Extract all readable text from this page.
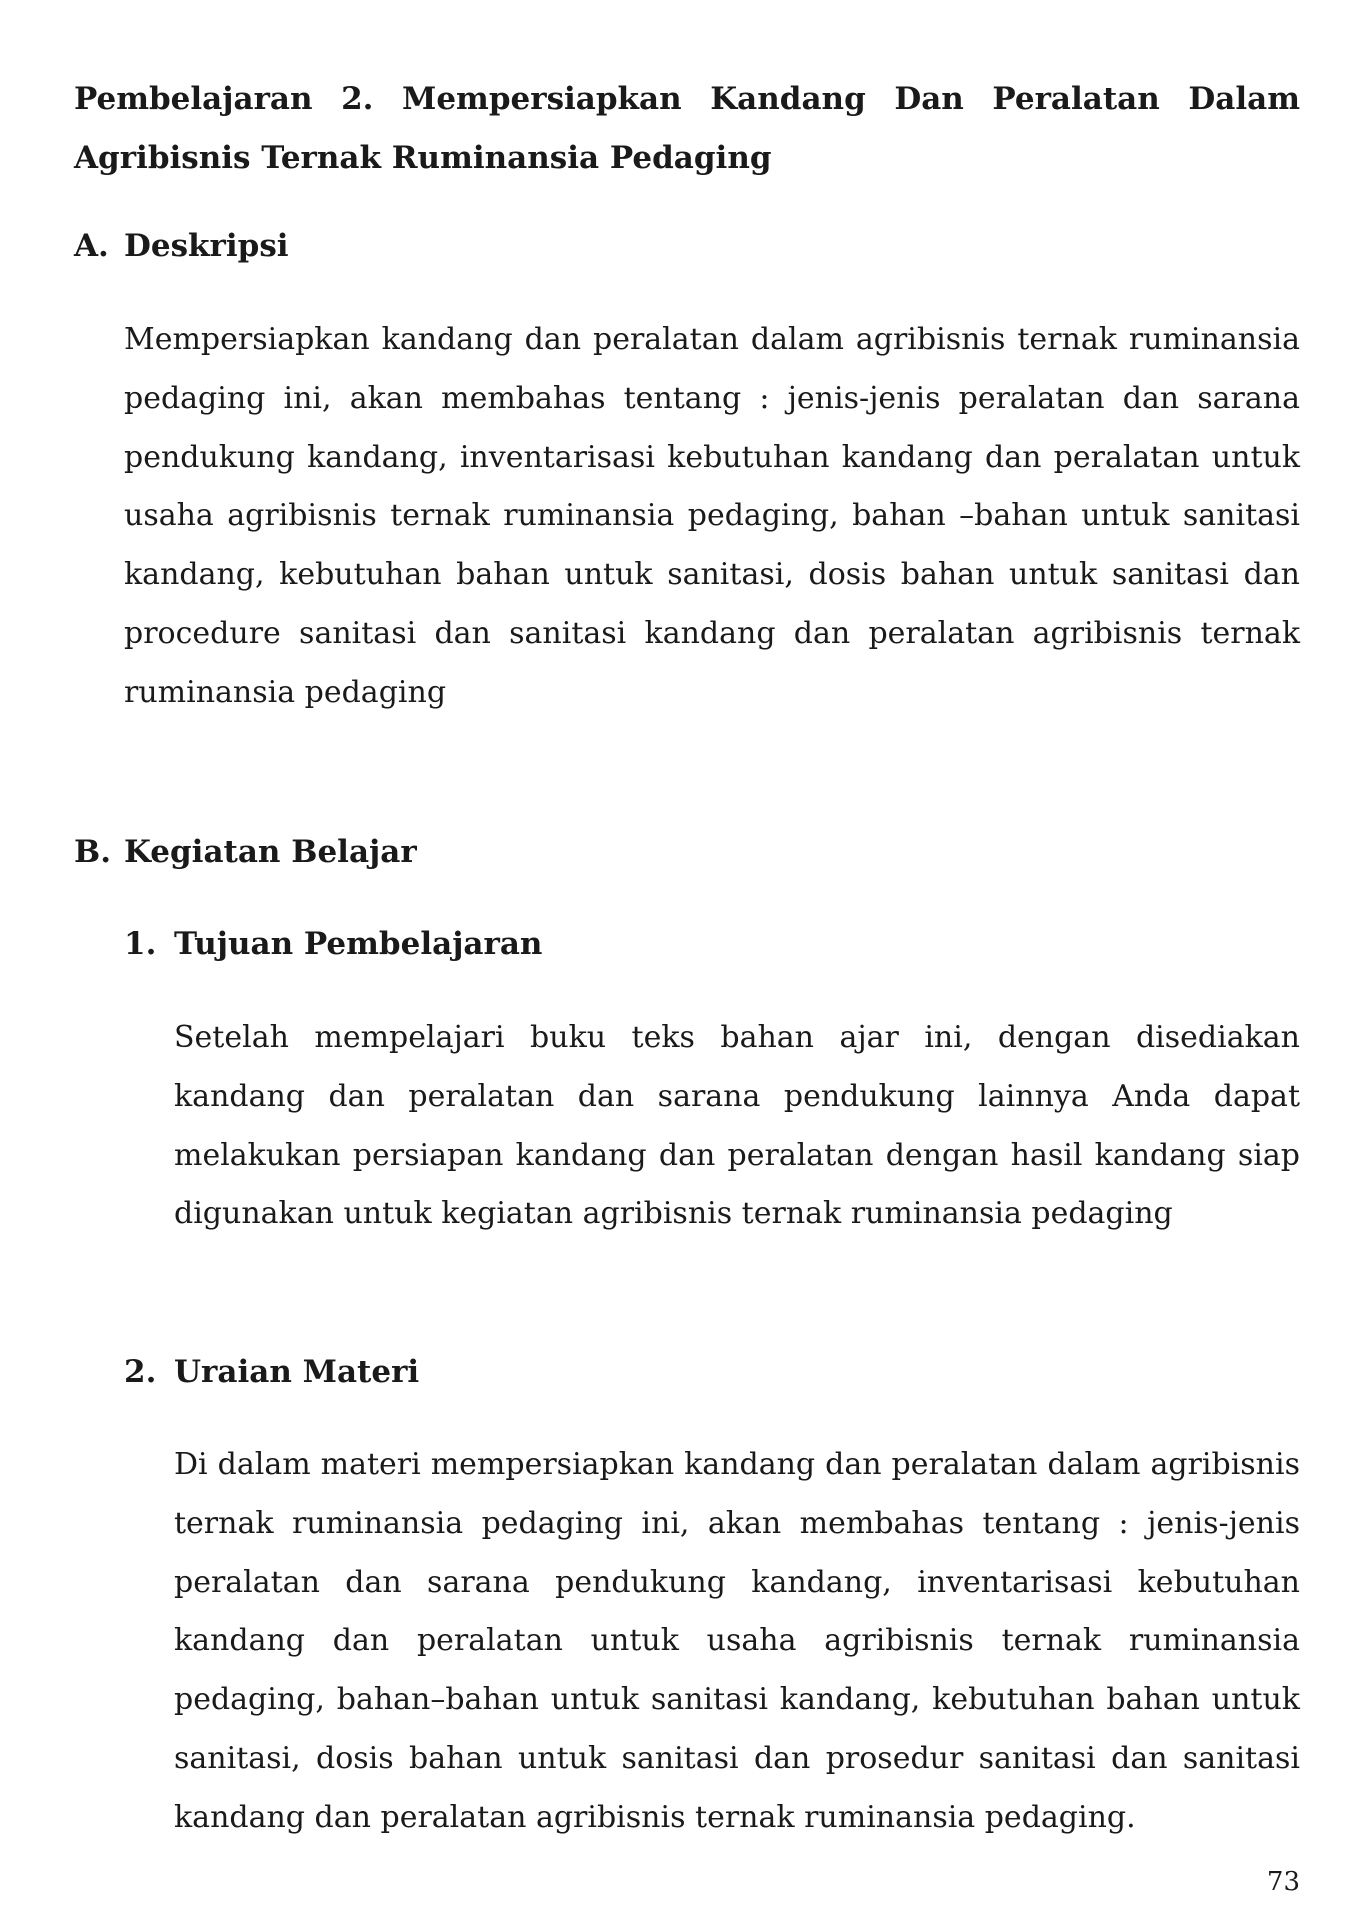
Pembelajaran 2. Mempersiapkan Kandang Dan Peralatan Dalam Agribisnis Ternak Ruminansia Pedaging
A. Deskripsi

Mempersiapkan kandang dan peralatan dalam agribisnis ternak ruminansia pedaging ini, akan membahas tentang : jenis-jenis peralatan dan sarana pendukung kandang, inventarisasi kebutuhan kandang dan peralatan untuk usaha agribisnis ternak ruminansia pedaging, bahan –bahan untuk sanitasi kandang, kebutuhan bahan untuk sanitasi, dosis bahan untuk sanitasi dan procedure sanitasi dan sanitasi kandang dan peralatan agribisnis ternak ruminansia pedaging

B. Kegiatan Belajar
1. Tujuan Pembelajaran

Setelah mempelajari buku teks bahan ajar ini, dengan disediakan kandang dan peralatan dan sarana pendukung lainnya Anda dapat melakukan persiapan kandang dan peralatan dengan hasil kandang siap digunakan untuk kegiatan agribisnis ternak ruminansia pedaging

2. Uraian Materi

Di dalam materi mempersiapkan kandang dan peralatan dalam agribisnis ternak ruminansia pedaging ini, akan membahas tentang : jenis-jenis peralatan dan sarana pendukung kandang, inventarisasi kebutuhan kandang dan peralatan untuk usaha agribisnis ternak ruminansia pedaging, bahan–bahan untuk sanitasi kandang, kebutuhan bahan untuk sanitasi, dosis bahan untuk sanitasi dan prosedur sanitasi dan sanitasi kandang dan peralatan agribisnis ternak ruminansia pedaging.

73
